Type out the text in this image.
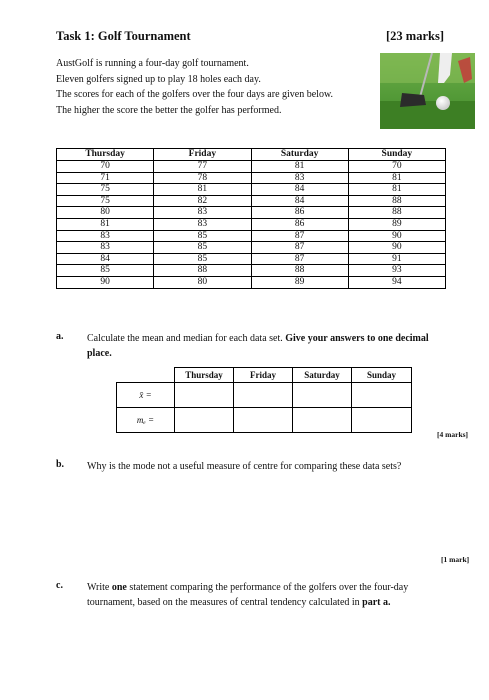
Task 1: Golf Tournament	[23 marks]
AustGolf is running a four-day golf tournament.
Eleven golfers signed up to play 18 holes each day.
The scores for each of the golfers over the four days are given below.
The higher the score the better the golfer has performed.
Thursday	Friday	Saturday	Sunday
70	77	81	70
71	78	83	81
75	81	84	81
75	82	84	88
80	83	86	88
81	83	86	89
83	85	87	90
83	85	87	90
84	85	87	91
85	88	88	93
90	80	89	94
a. Calculate the mean and median for each data set. Give your answers to one decimal
place.
	Thursday	Friday	Saturday	Sunday
x̄ =				
mₑ =				
[4 marks]
b. Why is the mode not a useful measure of centre for comparing these data sets?
[1 mark]
c. Write one statement comparing the performance of the golfers over the four-day
tournament, based on the measures of central tendency calculated in part a.
